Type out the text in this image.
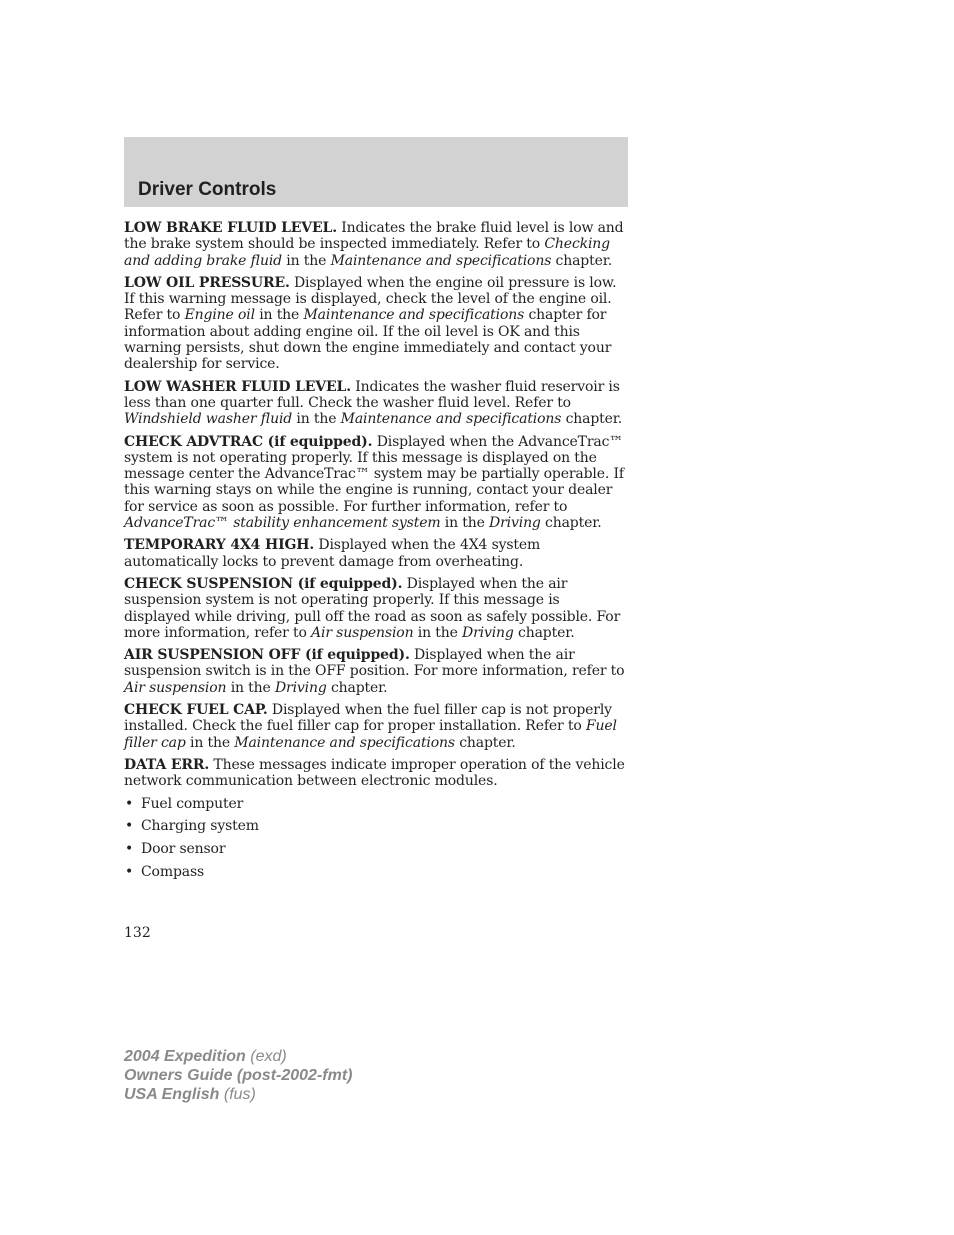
Driver Controls

LOW BRAKE FLUID LEVEL. Indicates the brake fluid level is low and the brake system should be inspected immediately. Refer to Checking and adding brake fluid in the Maintenance and specifications chapter.

LOW OIL PRESSURE. Displayed when the engine oil pressure is low. If this warning message is displayed, check the level of the engine oil. Refer to Engine oil in the Maintenance and specifications chapter for information about adding engine oil. If the oil level is OK and this warning persists, shut down the engine immediately and contact your dealership for service.

LOW WASHER FLUID LEVEL. Indicates the washer fluid reservoir is less than one quarter full. Check the washer fluid level. Refer to Windshield washer fluid in the Maintenance and specifications chapter.

CHECK ADVTRAC (if equipped). Displayed when the AdvanceTrac™ system is not operating properly. If this message is displayed on the message center the AdvanceTrac™ system may be partially operable. If this warning stays on while the engine is running, contact your dealer for service as soon as possible. For further information, refer to AdvanceTrac™ stability enhancement system in the Driving chapter.

TEMPORARY 4X4 HIGH. Displayed when the 4X4 system automatically locks to prevent damage from overheating.

CHECK SUSPENSION (if equipped). Displayed when the air suspension system is not operating properly. If this message is displayed while driving, pull off the road as soon as safely possible. For more information, refer to Air suspension in the Driving chapter.

AIR SUSPENSION OFF (if equipped). Displayed when the air suspension switch is in the OFF position. For more information, refer to Air suspension in the Driving chapter.

CHECK FUEL CAP. Displayed when the fuel filler cap is not properly installed. Check the fuel filler cap for proper installation. Refer to Fuel filler cap in the Maintenance and specifications chapter.

DATA ERR. These messages indicate improper operation of the vehicle network communication between electronic modules.

• Fuel computer
• Charging system
• Door sensor
• Compass
132
2004 Expedition (exd)
Owners Guide (post-2002-fmt)
USA English (fus)
